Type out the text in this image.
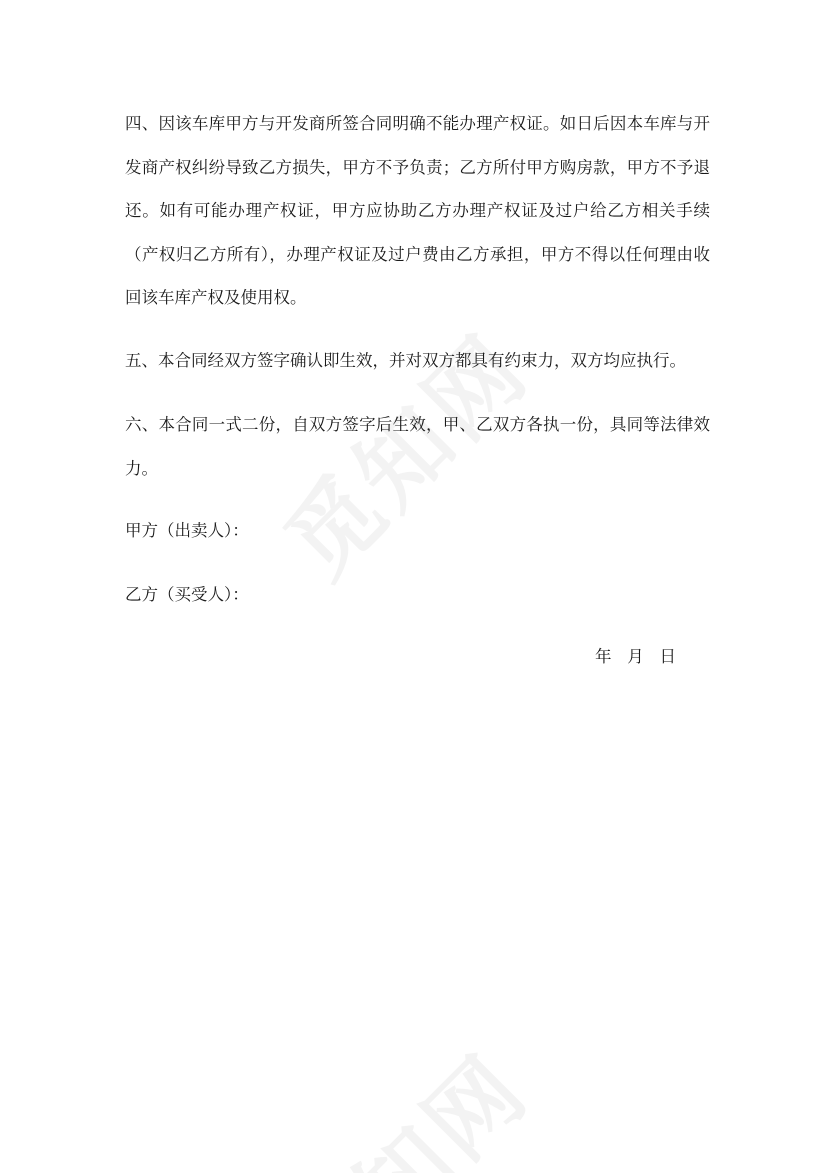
四、因该车库甲方与开发商所签合同明确不能办理产权证。如日后因本车库与开发商产权纠纷导致乙方损失，甲方不予负责；乙方所付甲方购房款，甲方不予退还。如有可能办理产权证，甲方应协助乙方办理产权证及过户给乙方相关手续（产权归乙方所有），办理产权证及过户费由乙方承担，甲方不得以任何理由收回该车库产权及使用权。

五、本合同经双方签字确认即生效，并对双方都具有约束力，双方均应执行。

六、本合同一式二份，自双方签字后生效，甲、乙双方各执一份，具同等法律效力。

甲方（出卖人）：

乙方（买受人）：

年   月   日
